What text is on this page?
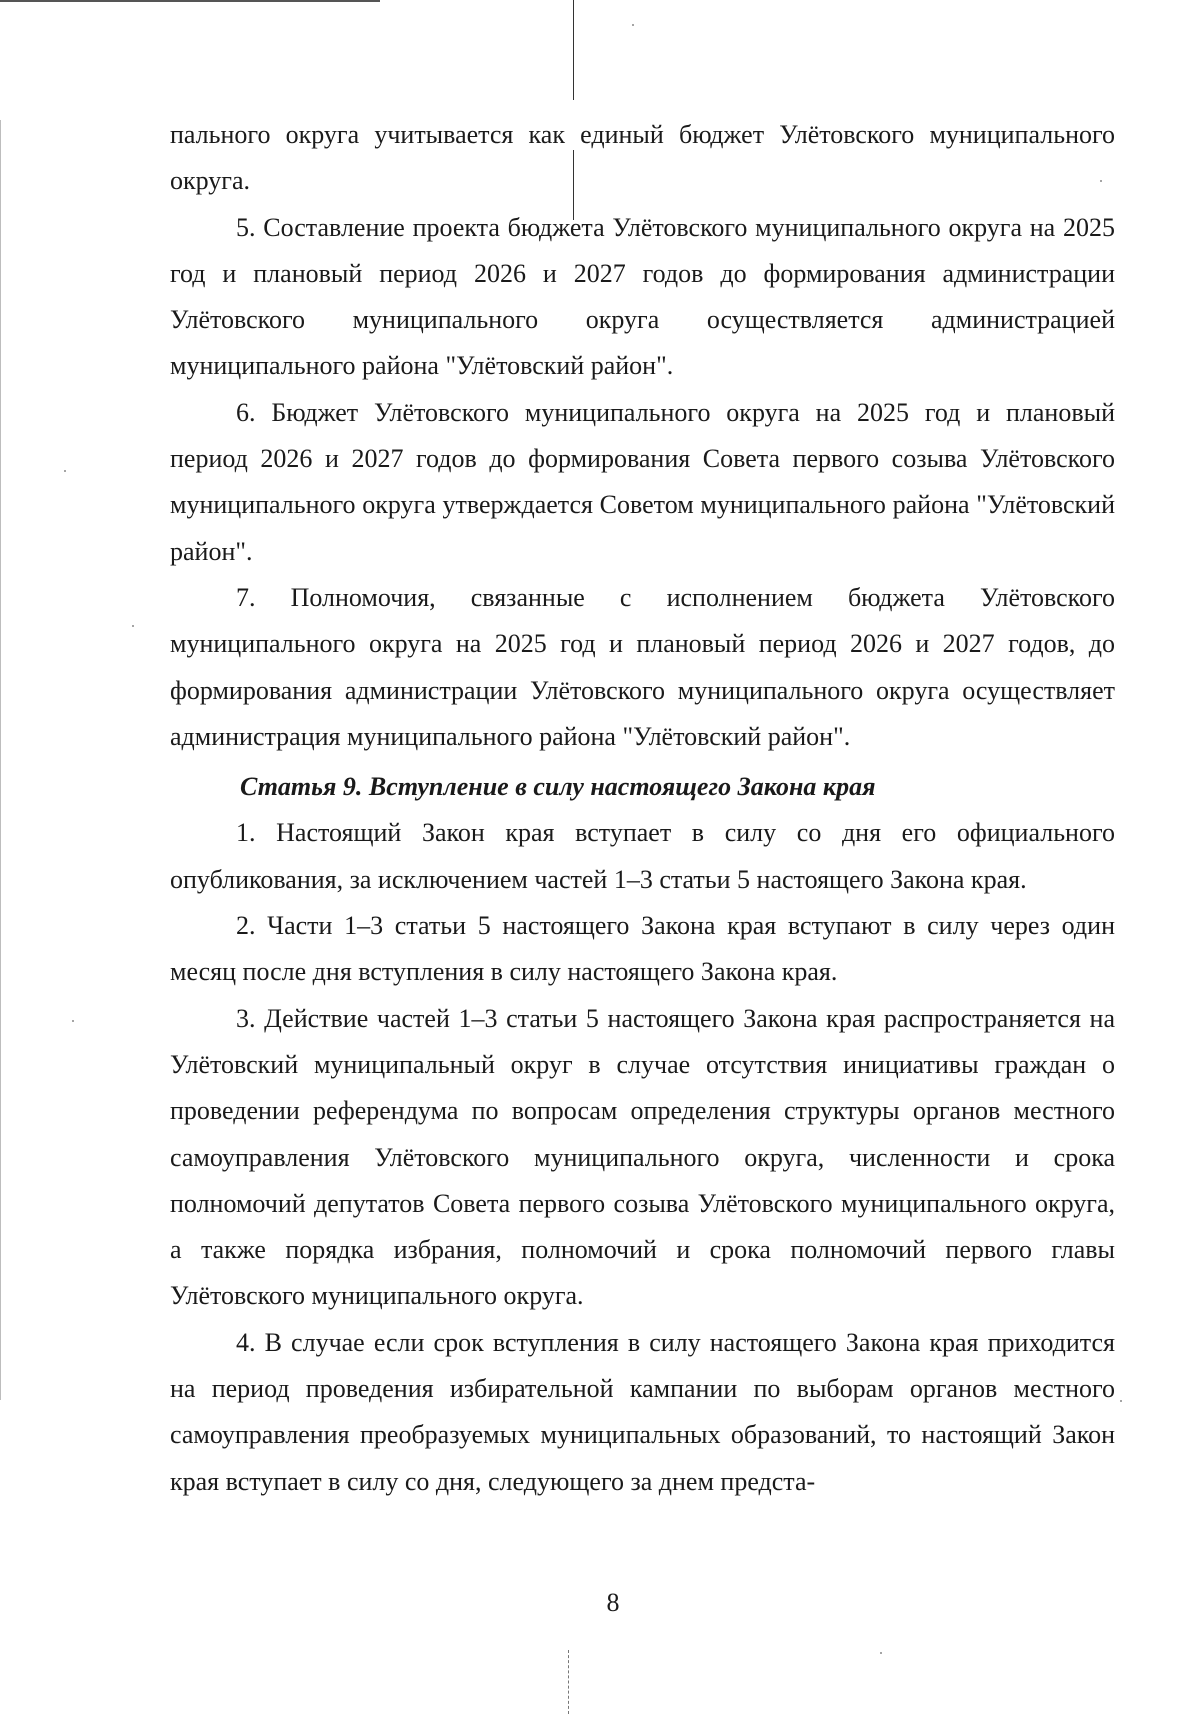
пального округа учитывается как единый бюджет Улётовского муниципального округа.

5. Составление проекта бюджета Улётовского муниципального округа на 2025 год и плановый период 2026 и 2027 годов до формирования администрации Улётовского муниципального округа осуществляется администрацией муниципального района "Улётовский район".

6. Бюджет Улётовского муниципального округа на 2025 год и плановый период 2026 и 2027 годов до формирования Совета первого созыва Улётовского муниципального округа утверждается Советом муниципального района "Улётовский район".

7. Полномочия, связанные с исполнением бюджета Улётовского муниципального округа на 2025 год и плановый период 2026 и 2027 годов, до формирования администрации Улётовского муниципального округа осуществляет администрация муниципального района "Улётовский район".

Статья 9. Вступление в силу настоящего Закона края

1. Настоящий Закон края вступает в силу со дня его официального опубликования, за исключением частей 1–3 статьи 5 настоящего Закона края.

2. Части 1–3 статьи 5 настоящего Закона края вступают в силу через один месяц после дня вступления в силу настоящего Закона края.

3. Действие частей 1–3 статьи 5 настоящего Закона края распространяется на Улётовский муниципальный округ в случае отсутствия инициативы граждан о проведении референдума по вопросам определения структуры органов местного самоуправления Улётовского муниципального округа, численности и срока полномочий депутатов Совета первого созыва Улётовского муниципального округа, а также порядка избрания, полномочий и срока полномочий первого главы Улётовского муниципального округа.

4. В случае если срок вступления в силу настоящего Закона края приходится на период проведения избирательной кампании по выборам органов местного самоуправления преобразуемых муниципальных образований, то настоящий Закон края вступает в силу со дня, следующего за днем предста-

8
